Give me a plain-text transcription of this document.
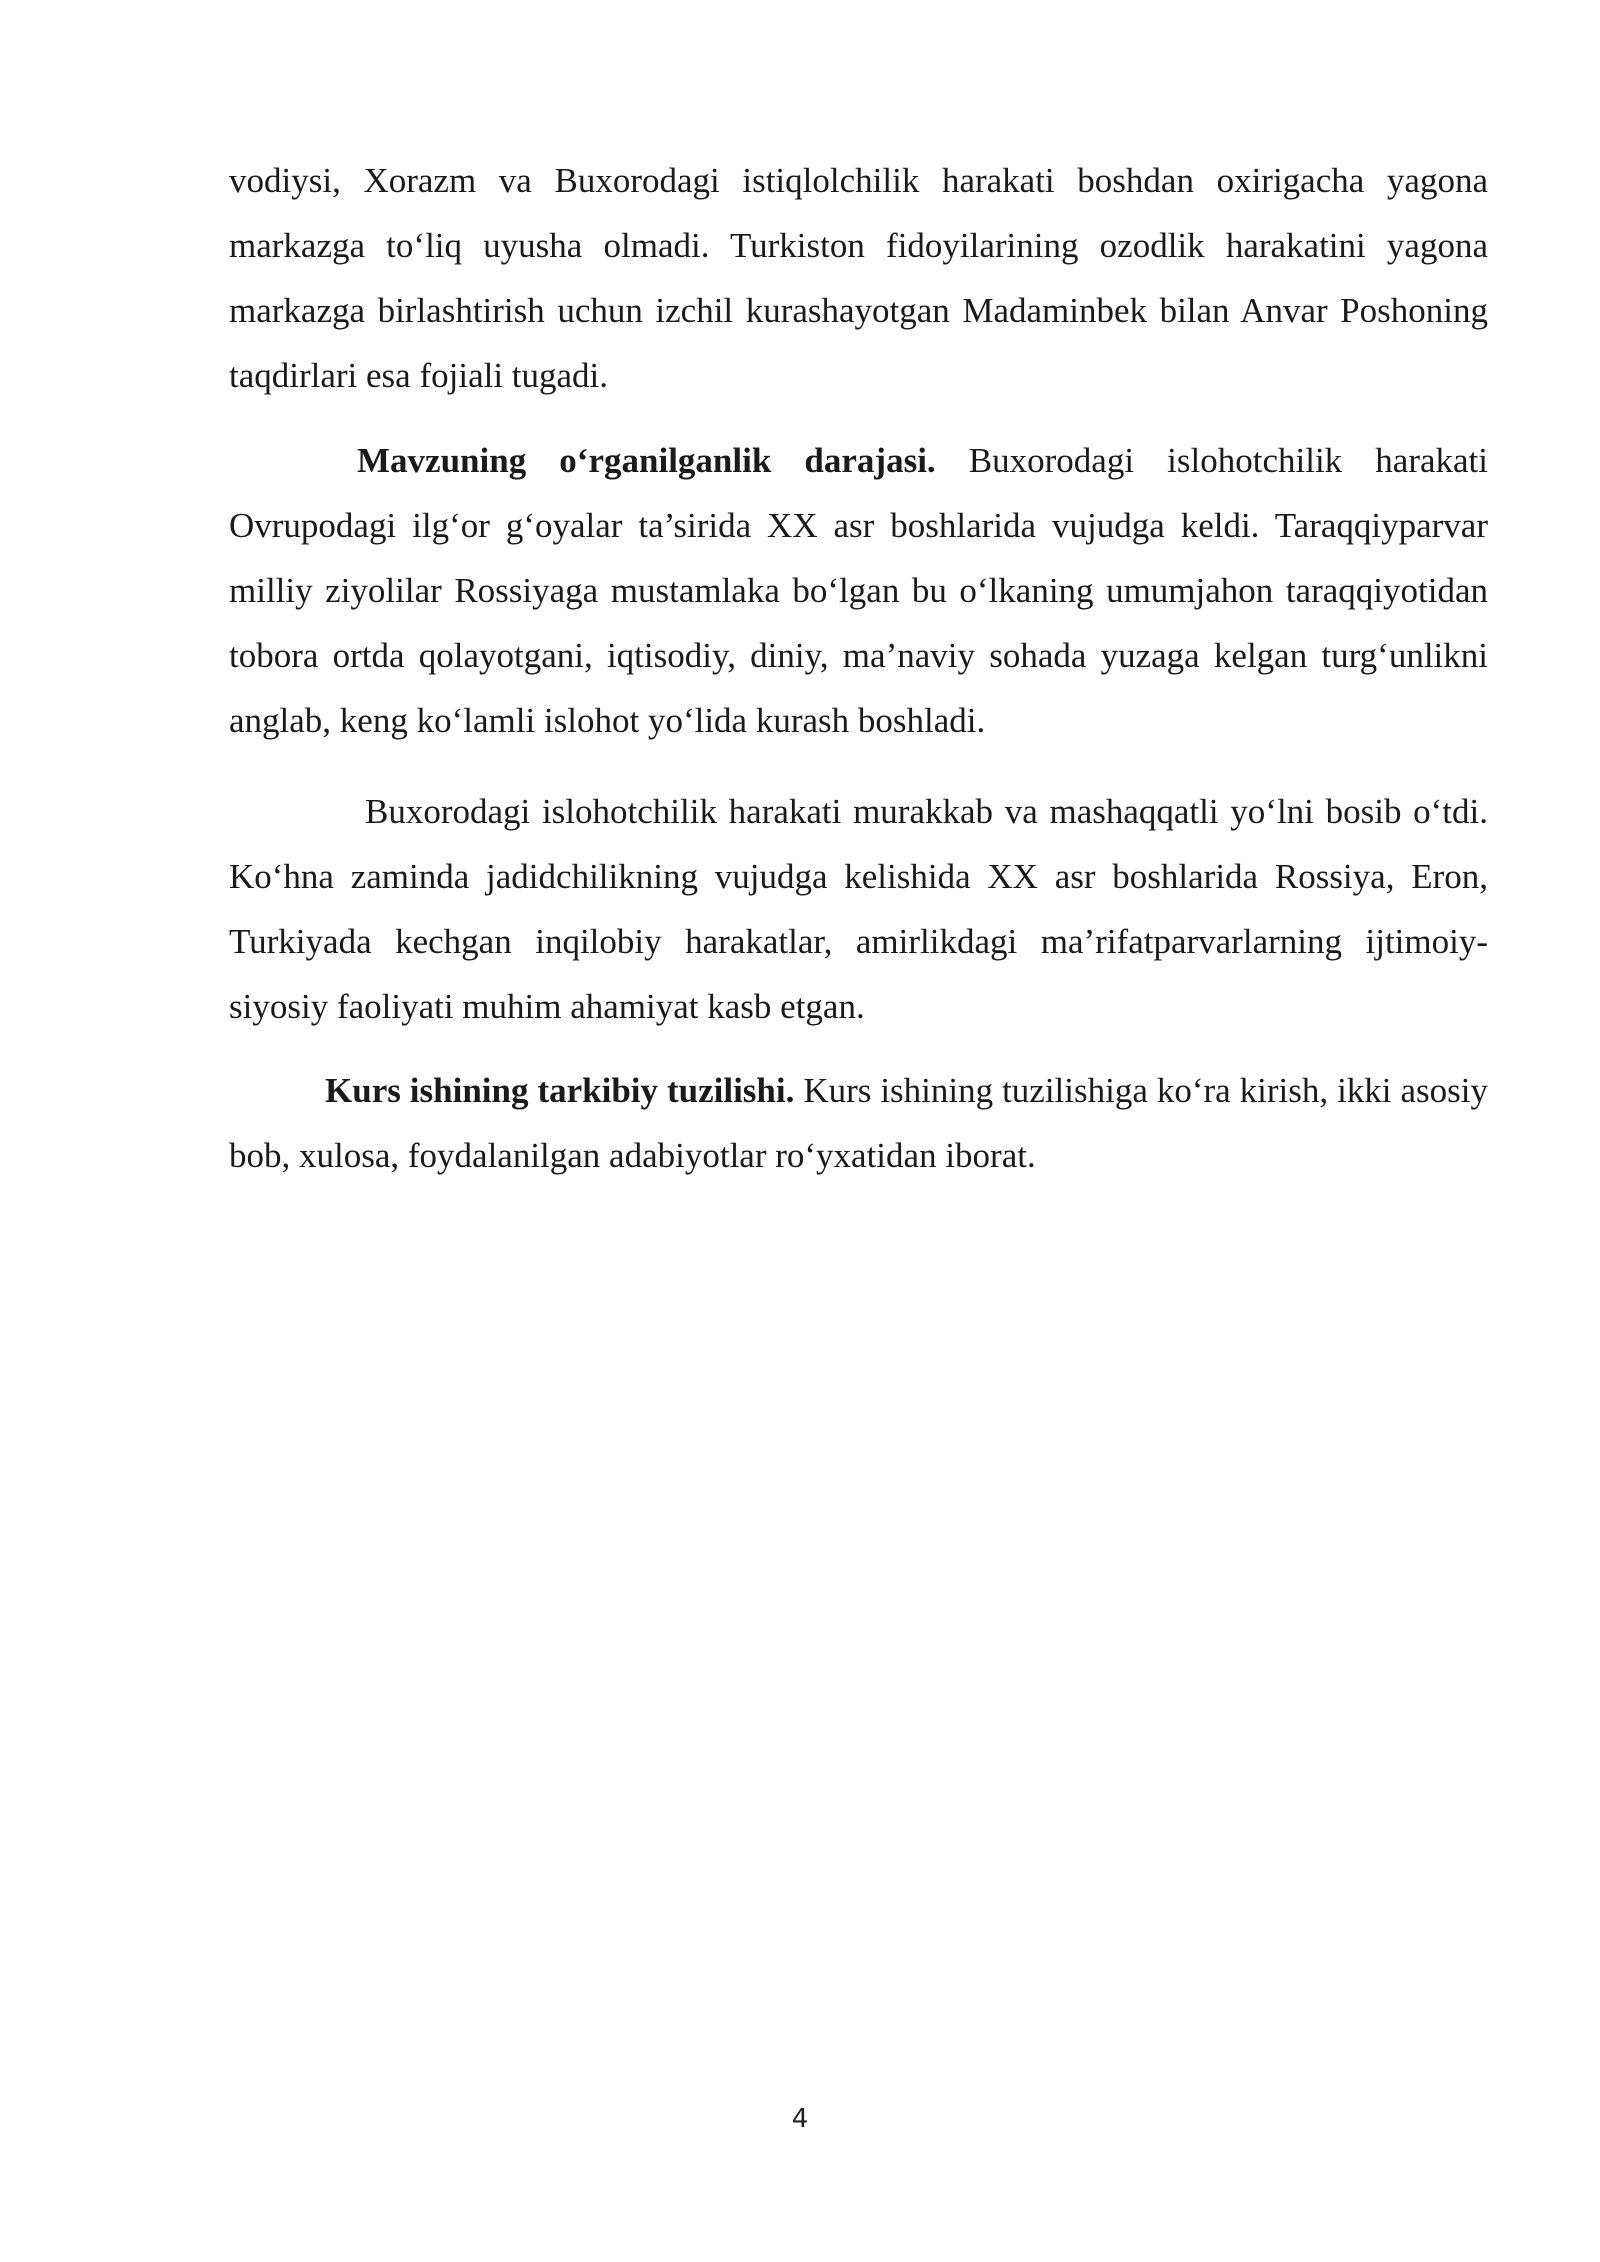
vodiysi, Xorazm va Buxorodagi istiqlolchilik harakati boshdan oxirigacha yagona markazga to‘liq uyusha olmadi. Turkiston fidoyilarining ozodlik harakatini yagona markazga birlashtirish uchun izchil kurashayotgan Madaminbek bilan Anvar Poshoning taqdirlari esa fojiali tugadi.

Mavzuning o‘rganilganlik darajasi. Buxorodagi islohotchilik harakati Ovrupodagi ilg‘or g‘oyalar ta’sirida XX asr boshlarida vujudga keldi. Taraqqiyparvar milliy ziyolilar Rossiyaga mustamlaka bo‘lgan bu o‘lkaning umumjahon taraqqiyotidan tobora ortda qolayotgani, iqtisodiy, diniy, ma’naviy sohada yuzaga kelgan turg‘unlikni anglab, keng ko‘lamli islohot yo‘lida kurash boshladi.

Buxorodagi islohotchilik harakati murakkab va mashaqqatli yo‘lni bosib o‘tdi. Ko‘hna zaminda jadidchilikning vujudga kelishida XX asr boshlarida Rossiya, Eron, Turkiyada kechgan inqilobiy harakatlar, amirlikdagi ma’rifatparvarlarning ijtimoiy-siyosiy faoliyati muhim ahamiyat kasb etgan.

Kurs ishining tarkibiy tuzilishi. Kurs ishining tuzilishiga ko‘ra kirish, ikki asosiy bob, xulosa, foydalanilgan adabiyotlar ro‘yxatidan iborat.

4
